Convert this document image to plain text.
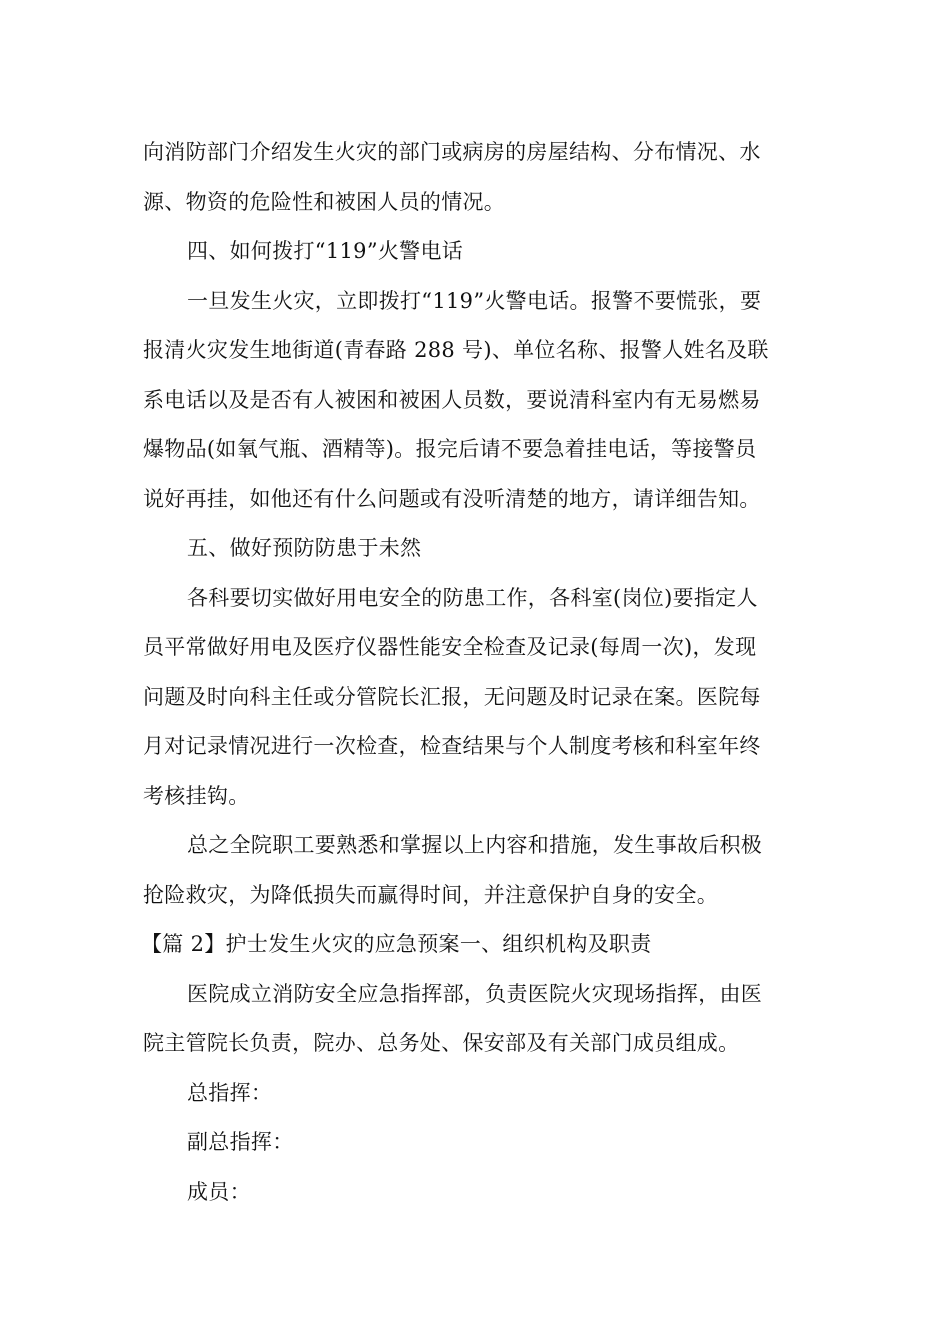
向消防部门介绍发生火灾的部门或病房的房屋结构、分布情况、水
源、物资的危险性和被困人员的情况。
四、如何拨打“119”火警电话
一旦发生火灾，立即拨打“119”火警电话。报警不要慌张，要
报清火灾发生地街道(青春路 288 号)、单位名称、报警人姓名及联
系电话以及是否有人被困和被困人员数，要说清科室内有无易燃易
爆物品(如氧气瓶、酒精等)。报完后请不要急着挂电话，等接警员
说好再挂，如他还有什么问题或有没听清楚的地方，请详细告知。
五、做好预防防患于未然
各科要切实做好用电安全的防患工作，各科室(岗位)要指定人
员平常做好用电及医疗仪器性能安全检查及记录(每周一次)，发现
问题及时向科主任或分管院长汇报，无问题及时记录在案。医院每
月对记录情况进行一次检查，检查结果与个人制度考核和科室年终
考核挂钩。
总之全院职工要熟悉和掌握以上内容和措施，发生事故后积极
抢险救灾，为降低损失而赢得时间，并注意保护自身的安全。
【篇 2】护士发生火灾的应急预案一、组织机构及职责
医院成立消防安全应急指挥部，负责医院火灾现场指挥，由医
院主管院长负责，院办、总务处、保安部及有关部门成员组成。
总指挥：
副总指挥：
成员：
